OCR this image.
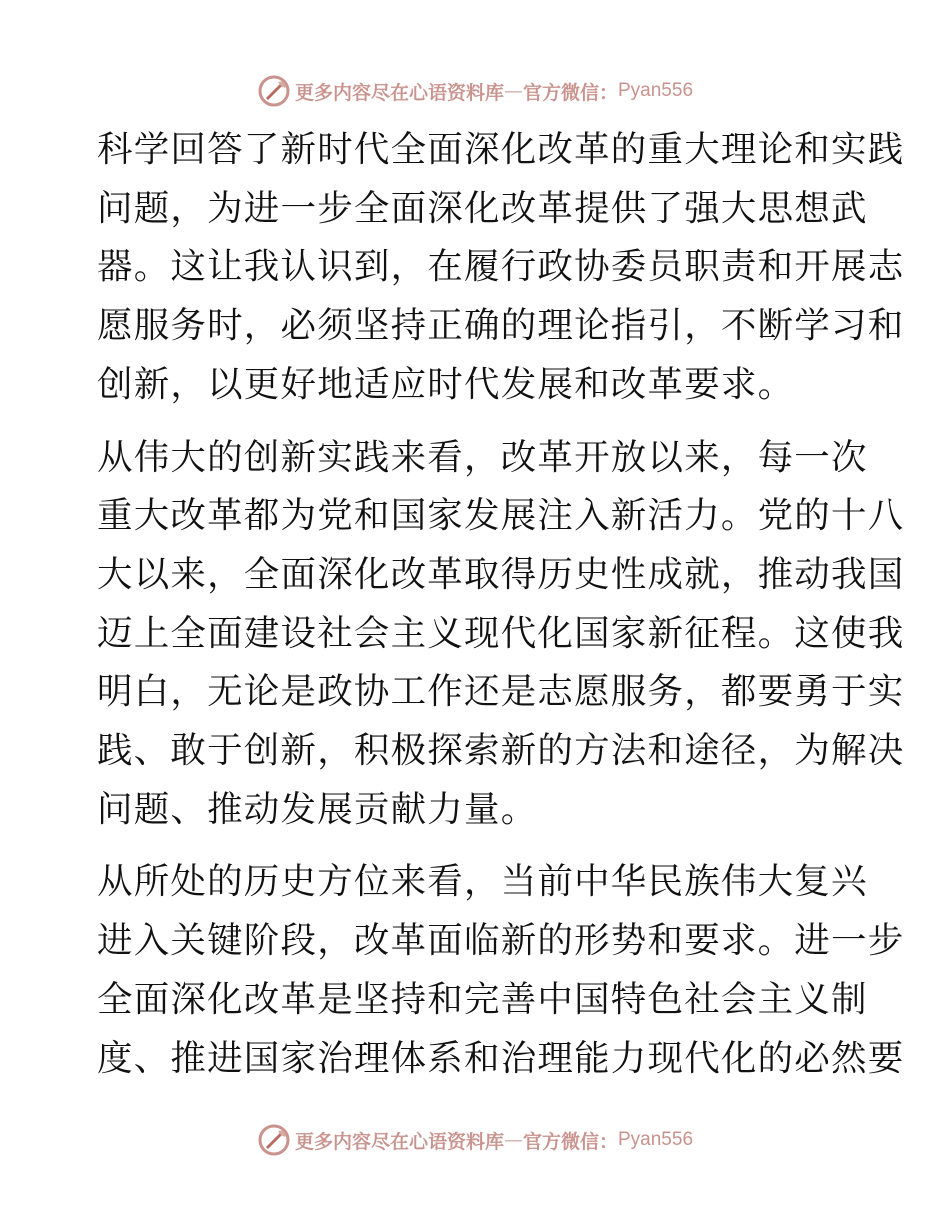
更多内容尽在心语资料库 — 官方微信： Pyan556

科学回答了新时代全面深化改革的重大理论和实践
问题，为进一步全面深化改革提供了强大思想武
器。这让我认识到，在履行政协委员职责和开展志
愿服务时，必须坚持正确的理论指引，不断学习和
创新，以更好地适应时代发展和改革要求。

从伟大的创新实践来看，改革开放以来，每一次
重大改革都为党和国家发展注入新活力。党的十八
大以来，全面深化改革取得历史性成就，推动我国
迈上全面建设社会主义现代化国家新征程。这使我
明白，无论是政协工作还是志愿服务，都要勇于实
践、敢于创新，积极探索新的方法和途径，为解决
问题、推动发展贡献力量。

从所处的历史方位来看，当前中华民族伟大复兴
进入关键阶段，改革面临新的形势和要求。进一步
全面深化改革是坚持和完善中国特色社会主义制
度、推进国家治理体系和治理能力现代化的必然要

更多内容尽在心语资料库 — 官方微信： Pyan556
